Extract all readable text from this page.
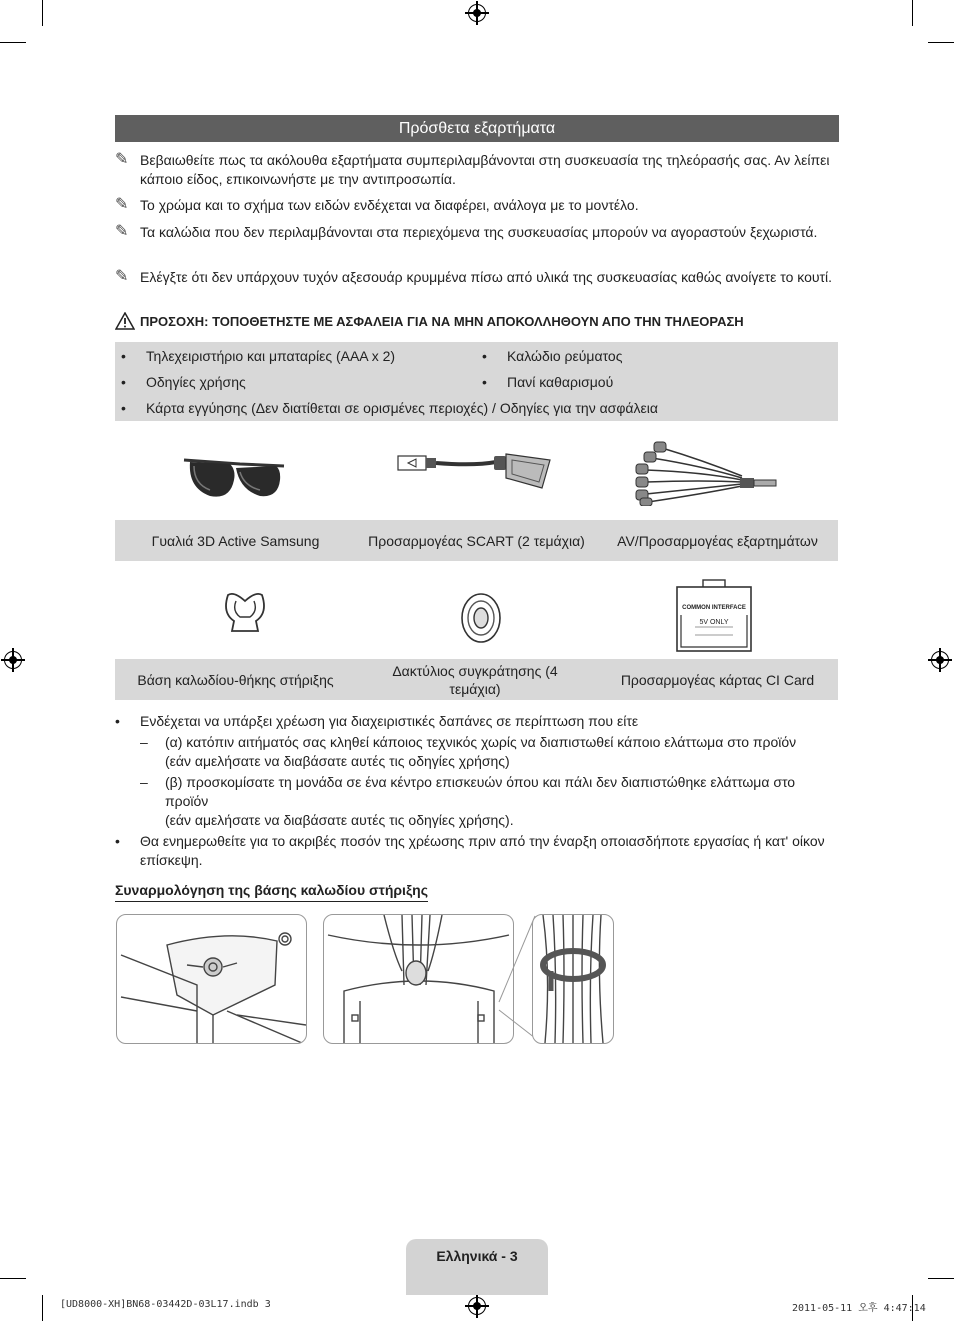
Πρόσθετα εξαρτήματα
✎ Βεβαιωθείτε πως τα ακόλουθα εξαρτήματα συμπεριλαμβάνονται στη συσκευασία της τηλεόρασής σας. Αν λείπει κάποιο είδος, επικοινωνήστε με την αντιπροσωπία.
✎ Το χρώμα και το σχήμα των ειδών ενδέχεται να διαφέρει, ανάλογα με το μοντέλο.
✎ Τα καλώδια που δεν περιλαμβάνονται στα περιεχόμενα της συσκευασίας μπορούν να αγοραστούν ξεχωριστά.
✎ Ελέγξτε ότι δεν υπάρχουν τυχόν αξεσουάρ κρυμμένα πίσω από υλικά της συσκευασίας καθώς ανοίγετε το κουτί.
ΠΡΟΣΟΧΗ: ΤΟΠΟΘΕΤΗΣΤΕ ΜΕ ΑΣΦΑΛΕΙΑ ΓΙΑ ΝΑ ΜΗΝ ΑΠΟΚΟΛΛΗΘΟΥΝ ΑΠΟ ΤΗΝ ΤΗΛΕΟΡΑΣΗ
• Τηλεχειριστήριο και μπαταρίες (AAA x 2)	• Καλώδιο ρεύματος
• Οδηγίες χρήσης	• Πανί καθαρισμού
• Κάρτα εγγύησης (Δεν διατίθεται σε ορισμένες περιοχές) / Οδηγίες για την ασφάλεια
Γυαλιά 3D Active Samsung	Προσαρμογέας SCART (2 τεμάχια)	AV/Προσαρμογέας εξαρτημάτων
COMMON INTERFACE
5V ONLY
Βάση καλωδίου-θήκης στήριξης
Δακτύλιος συγκράτησης (4 τεμάχια)
Προσαρμογέας κάρτας CI Card
• Ενδέχεται να υπάρξει χρέωση για διαχειριστικές δαπάνες σε περίπτωση που είτε
– (α) κατόπιν αιτήματός σας κληθεί κάποιος τεχνικός χωρίς να διαπιστωθεί κάποιο ελάττωμα στο προϊόν
(εάν αμελήσατε να διαβάσατε αυτές τις οδηγίες χρήσης)
– (β) προσκομίσατε τη μονάδα σε ένα κέντρο επισκευών όπου και πάλι δεν διαπιστώθηκε ελάττωμα στο προϊόν
(εάν αμελήσατε να διαβάσατε αυτές τις οδηγίες χρήσης).
• Θα ενημερωθείτε για το ακριβές ποσόν της χρέωσης πριν από την έναρξη οποιασδήποτε εργασίας ή κατ' οίκον επίσκεψη.
Συναρμολόγηση της βάσης καλωδίου στήριξης
Ελληνικά - 3
[UD8000-XH]BN68-03442D-03L17.indb 3	2011-05-11 오후 4:47:14
